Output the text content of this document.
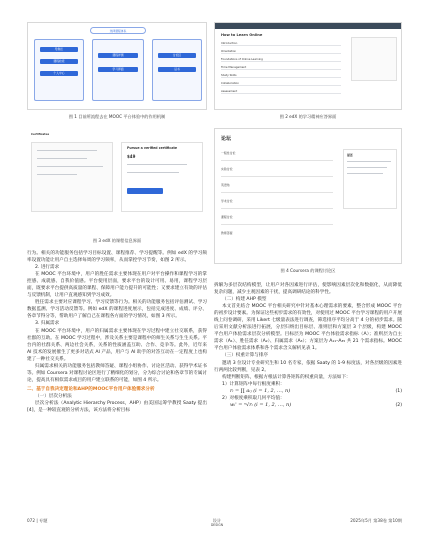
选择课程体系
导航栏
课程检索
个人中心
课程详情
学习界面
讨论区
证书
图 1 目前所流程去在 MOOC 平台体验中的作用机制
Certificates
Pursue a verified certificate
$49
图 3 edX 的课程信息界面

行为。相关的功能服务包括学习目标设置、课程推荐、学习提醒等。例如 edX 的学习频率设置功能让用户自主选择每周的学习频率，从而掌控学习节奏，如图 2 所示。

2. 进行需求

在 MOOC 平台环境中，用户的胜任需求主要体现在用户对平台操作和课程学习的掌控感、成就感、自我价值感。平台使用层面，要求平台的设计可用、易用，课程学习层面，既要求平台提供高质量的课程、保障用户能力提升的可能性；又要求建立有效的评估与反馈机制，让用户直观感知到学习成效。

胜任需求主要对应课程学习、学习反馈等行为。相关的功能服务包括评估测试、学习数据监测、学习活动反馈等。例如 edX 的课程进度展示，包括完成进度、成绩、评分、各章节得分等，帮助用户了解自己在课程各方面的学习情况，如图 3 所示。

3. 归属需求

在 MOOC 平台环境中，用户的归属需求主要体现在学习过程中建立社交联系，获得社群的互助。在 MOOC 学习过程中，涉及关系主要是课程中的师生关系与生生关系。平台内的社群关系、两边社会关系，关系的性质涵盖互助、合作、竞争等。此外，近年来 AI 技术的发展催生了更多对话式 AI 产品，用户与 AI 助手的对答互动在一定程度上也构建了一种社交关系。

归属需求相关的功能服务包括教师答疑、课程小组协作、讨论区活动、获得学术证书等。例如 Coursera 对课程讨论区进行了精细化的划分，分为综合讨论和各章节的专属讨论，提高具有相似需求或目的用户建立联系的可能，如图 4 所示。

二、基于自我决定理论和AHP的MOOC平台用户体验需求分析

（一）层次分析法

层次分析法（Analytic Hierarchy Process，AHP）由美国运筹学教授 Saaty 提出[4]，是一种较直观的分析方法，该方法将分析目标

How to Learn Online
Introduction
Orientation
Foundations of Online Learning
Time Management
Study Skills
Collaboration
Assessment
图 2 edX 的学习精神应答界面
论坛
一般性讨论
实验讨论
英语角
学术讨论
课程讨论
教师答疑
描述
图 4 Coursera 的课程讨论区

拆解为多层次结构模型，让用户对各因素进行评估，使影响因素层次化和数据化，从而降低复杂问题，减少主观因素的干扰，提高调研结论的科学性。

（二）构建 AHP 模型

本文首先结合 MOOC 平台相关研究中针对基本心理需求的要素，整合形成 MOOC 平台的初步设计要素。为保证这些初步需求的有效性，对使用过 MOOC 平台学习课程的用户开展线上问卷调研，采用 Likert 七级量表法进行调查，筛选排序平均分高于 4 分的初步需求。随后采用文献分析法进行拓展，分层归纳出目标层、准则层和方案层 3 个层级，构建 MOOC 平台用户体验需求层次分析模型。目标层为 MOOC 平台体验需求指标（A）；准则层为自主需求（A₁）、胜任需求（A₂）、归属需求（A₃）；方案层为 A₁₁–A₃₅ 共 21 个需求指标。MOOC 平台用户体验需求体系和各个需求含义解析见表 1。

（三）权重计算与排序

邀请 3 位设计专业研究生和 10 名专家，依据 Saaty 的 1-9 标度法，对各层级的因素进行两两比较判断，见表 2。

构建判断矩阵，根据方根法计算各矩阵的权重向量，方法如下：

1）计算矩阵中每行根度乘积：

rᵢ = ∏ aᵢⱼ (i = 1, 2, …, n)	(1)

2）对根度乘积取几何平均值：

wᵢ' = ⁿ√rᵢ (i = 1, 2, …, n)	(2)
072 | 专题	设计
DESIGN
2025年5月 第38卷 第10期
